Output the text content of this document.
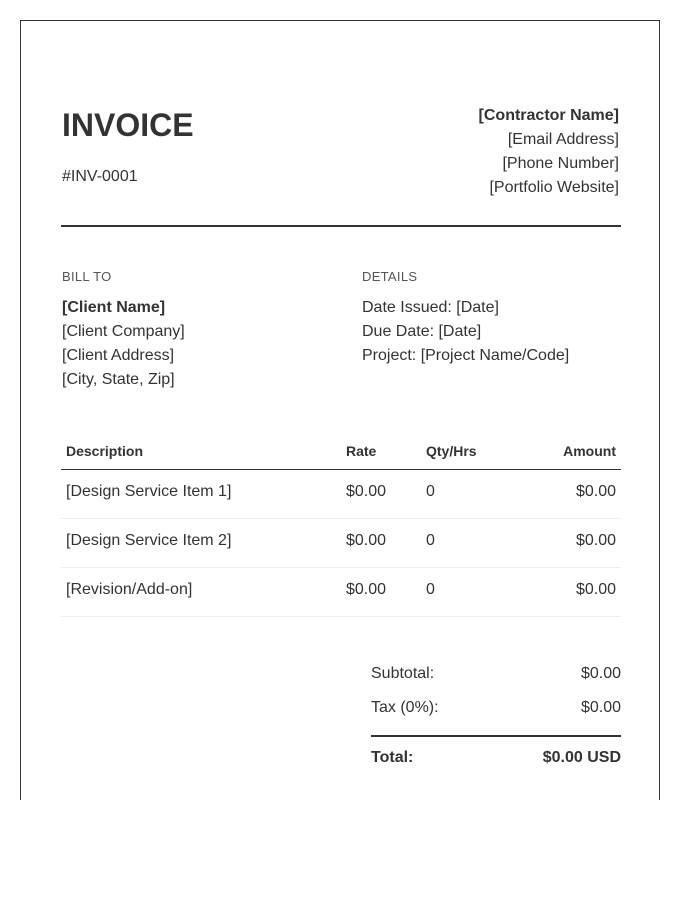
INVOICE
#INV-0001
[Contractor Name]
[Email Address]
[Phone Number]
[Portfolio Website]
BILL TO
[Client Name]
[Client Company]
[Client Address]
[City, State, Zip]
DETAILS
Date Issued: [Date]
Due Date: [Date]
Project: [Project Name/Code]
Description	Rate	Qty/Hrs	Amount
[Design Service Item 1]	$0.00 0	$0.00
[Design Service Item 2]	$0.00 0	$0.00
[Revision/Add-on]	$0.00 0	$0.00
Subtotal:	$0.00
Tax (0%):	$0.00
Total:	$0.00 USD
